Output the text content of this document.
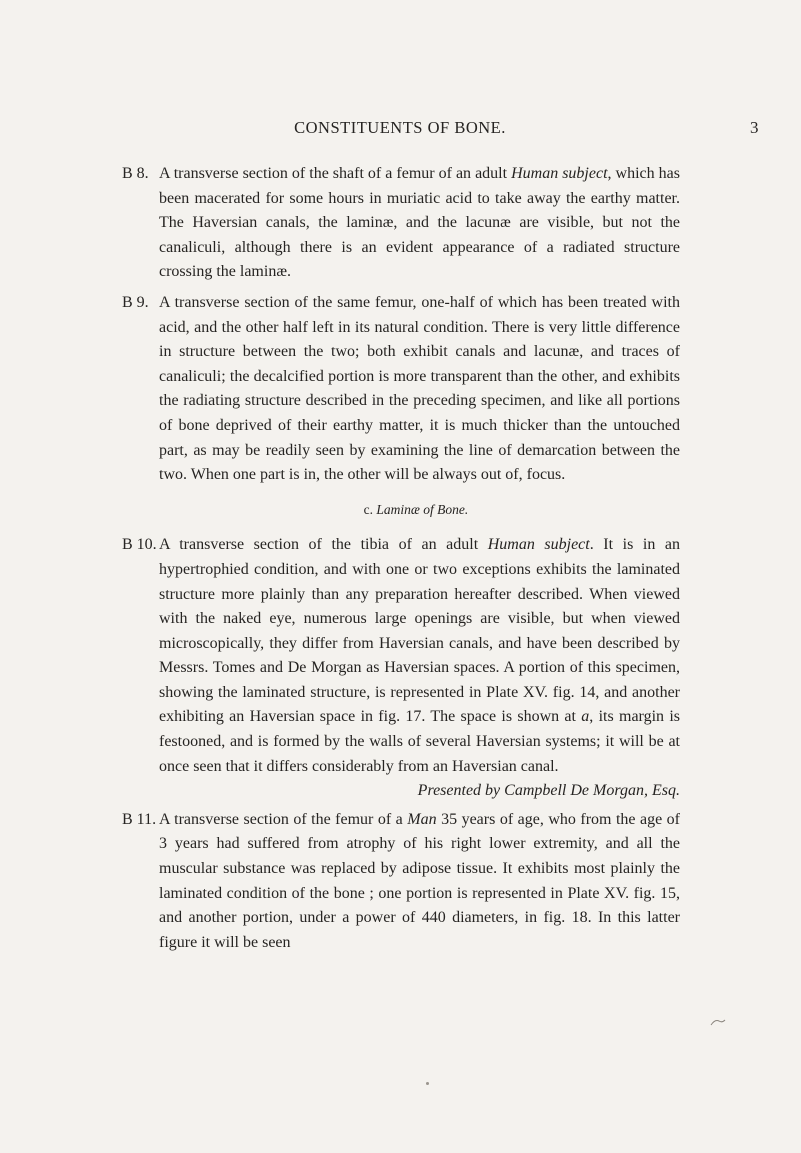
CONSTITUENTS OF BONE.	3
B 8. A transverse section of the shaft of a femur of an adult Human subject, which has been macerated for some hours in muriatic acid to take away the earthy matter. The Haversian canals, the laminæ, and the lacunæ are visible, but not the canaliculi, although there is an evident appearance of a radiated structure crossing the laminæ.
B 9. A transverse section of the same femur, one-half of which has been treated with acid, and the other half left in its natural condition. There is very little difference in structure between the two; both exhibit canals and lacunæ, and traces of canaliculi; the decalcified portion is more transparent than the other, and exhibits the radiating structure described in the preceding specimen, and like all portions of bone deprived of their earthy matter, it is much thicker than the untouched part, as may be readily seen by examining the line of demarcation between the two. When one part is in, the other will be always out of, focus.
c. Laminæ of Bone.
B 10. A transverse section of the tibia of an adult Human subject. It is in an hypertrophied condition, and with one or two exceptions exhibits the laminated structure more plainly than any preparation hereafter described. When viewed with the naked eye, numerous large openings are visible, but when viewed microscopically, they differ from Haversian canals, and have been described by Messrs. Tomes and De Morgan as Haversian spaces. A portion of this specimen, showing the laminated structure, is represented in Plate XV. fig. 14, and another exhibiting an Haversian space in fig. 17. The space is shown at a, its margin is festooned, and is formed by the walls of several Haversian systems; it will be at once seen that it differs considerably from an Haversian canal.
Presented by Campbell De Morgan, Esq.
B 11. A transverse section of the femur of a Man 35 years of age, who from the age of 3 years had suffered from atrophy of his right lower extremity, and all the muscular substance was replaced by adipose tissue. It exhibits most plainly the laminated condition of the bone ; one portion is represented in Plate XV. fig. 15, and another portion, under a power of 440 diameters, in fig. 18. In this latter figure it will be seen
